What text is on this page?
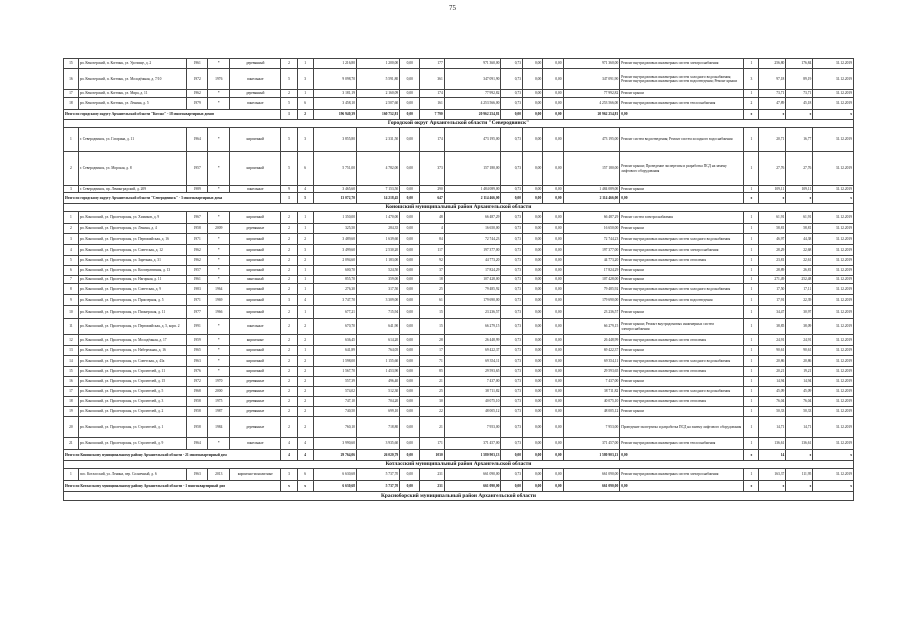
75
15	рп. Кенозерский, п. Когтинк, ул. Урочище, д. 2	1961	*	деревянный	2	1	1 216,80	1 200,00	0,00	177	971 360,00	0,73	0,00	0,00	971 360,00	Ремонт внутридомовых инженерных систем электроснабжения	1	256,80	176,84	31.12.2019
16	рп. Кенозерский, п. Когтинк, ул. Молодёжная, д. 7/10	1972	1976	панельные	5	3	9 098,70	5 591,80	0,00	361	347 091,90	0,73	0,00	0,00	347 091,90	Ремонт внутридомовых инженерных систем холодного водоснабжения; Ремонт внутридомовых инженерных систем водоотведения; Ремонт крыши	3	97,18	89,19	31.12.2019
17	рп. Кенозерский, п. Когтинк, ул. Мира, д. 11	1962	*	деревянный	2	1	3 181,19	2 160,09	0,00	174	77 992,82	0,73	0,00	0,00	77 992,82	Ремонт крыши	1	73,71	73,71	31.12.2019
18	рп. Кенозерский, п. Когтинк, ул. Ленина, д. 5	1979	*	панельные	5	6	3 458,10	2 507,60	0,00	161	4 253 566,00	0,73	0,00	0,00	4 253 566,00	Ремонт внутридомовых инженерных систем теплоснабжения	2	47,89	45,18	31.12.2019
Итого по городскому округу Архангельской области "Котлас" - 18 многоквартирных домов					1	2	196 940,39	160 752,81	0,00	7 790	20 962 254,81	0,00	0,00	0,00	20 962 254,81	0,00	х	х	х	х
Городской округ Архангельской области "Северодвинск"																				
1	г. Северодвинск, ул. Гагарина, д. 11	1964	*	кирпичный	5	3	3 855,80	2 331,50	0,00	174	473 195,00	0,73	0,00	0,00	473 195,00	Ремонт систем водоотведения; Ремонт систем холодного водоснабжения	1	20,71	16,77	31.12.2019
2	г. Северодвинск, ул. Морская, д. 8	1957	*	кирпичный	5	6	5 751,00	4 782,00	0,00	373	157 180,00	0,73	0,00	0,00	157 180,00	Ремонт крыши; Проведение экспертизы и разработка ПСД на замену лифтового оборудования	1	27,76	27,76	31.12.2019
3	г. Северодвинск, пр. Ленинградский, д. 209	1989	*	панельные	9	4	3 465,60	7 153,50	0,00	290	1 484 089,00	0,73	0,00	0,00	1 484 089,00	Ремонт крыши	1	109,11	109,11	31.12.2019
Итого по городскому округу Архангельской области "Северодвинск" - 3 многоквартирных дома					1	5	13 072,70	14 218,45	0,00	647	2 114 466,00	0,00	0,00	0,00	2 114 466,00	0,00	х	х	х	х
Коношский муниципальный район Архангельской области																				
1	рп. Коношский, ул. Пролетарская, ул. Химиков, д. 9	1967	*	кирпичный	2	1	1 350,00	1 470,00	0,00	48	66 487,29	0,73	0,00	0,00	66 487,29	Ремонт систем электроснабжения	1	61,91	61,91	31.12.2019
2	рп. Коношский, ул. Пролетарская, ул. Ленина, д. 4	1958	2009	деревянные	2	1	325,50	284,35	0,00	4	16 650,00	0,73	0,00	0,00	16 650,00	Ремонт крыши	1	58,81	58,81	31.12.2019
3	рп. Коношский, ул. Пролетарская, ул. Первомайская, д. 16	1971	*	кирпичный	2	2	3 489,60	1 639,60	0,00	84	72 744,23	0,73	0,00	0,00	72 744,23	Ремонт внутридомовых инженерных систем холодного водоснабжения	1	46,97	44,38	31.12.2019
4	рп. Коношский, ул. Пролетарская, ул. Советская, д. 12	1962	*	кирпичный	2	3	3 499,60	2 530,20	0,00	117	197 377,00	0,73	0,00	0,00	197 377,00	Ремонт внутридомовых инженерных систем электроснабжения	1	28,29	22,68	31.12.2019
5	рп. Коношский, ул. Пролетарская, ул. Заречная, д. 31	1962	*	кирпичный	2	2	2 094,60	1 183,00	0,00	92	44 773,20	0,73	0,00	0,00	44 773,20	Ремонт внутридомовых инженерных систем отопления	1	23,81	22,61	31.12.2019
6	рп. Коношский, ул. Пролетарская, ул. Кооперативная, д. 13	1957	*	кирпичный	2	1	600,70	524,50	0,00	37	17 824,29	0,73	0,00	0,00	17 824,29	Ремонт крыши	1	28,89	26,81	31.12.2019
7	рп. Коношский, ул. Пролетарская, ул. Нагорная, д. 11	1961	*	панельный	2	1	855,70	359,00	0,00	18	107 428,00	0,73	0,00	0,00	107 428,00	Ремонт крыши	1	271,49	252,48	31.12.2019
8	рп. Коношский, ул. Пролетарская, ул. Советская, д. 9	1983	1964	кирпичный	2	1	276,30	317,50	0,00	25	79 485,92	0,73	0,00	0,00	79 485,92	Ремонт внутридомовых инженерных систем холодного водоснабжения	1	17,50	17,11	31.12.2019
9	рп. Коношский, ул. Пролетарская, ул. Приозерная, д. 5	1971	1969	кирпичный	3	4	3 747,70	3 309,00	0,00	61	179 690,00	0,73	0,00	0,00	179 690,00	Ремонт внутридомовых инженерных систем водоотведения	1	17,91	22,39	31.12.2019
10	рп. Коношский, ул. Пролетарская, ул. Пионерская, д. 11	1977	1966	кирпичный	2	1	677,21	715,94	0,00	15	23 236,57	0,73	0,00	0,00	23 236,57	Ремонт крыши	1	34,47	30,97	31.12.2019
11	рп. Коношский, ул. Пролетарская, ул. Первомайская, д. 5, корп. 2	1991	*	панельные	2	2	670,70	641,90	0,00	15	66 279,15	0,73	0,00	0,00	66 279,15	Ремонт крыши; Ремонт внутридомовых инженерных систем электроснабжения	1	38,85	38,09	31.12.2019
12	рп. Коношский, ул. Пролетарская, ул. Молодёжная, д. 17	1959	*	кирпичные	2	2	636,45	614,20	0,00	28	26 448,99	0,73	0,00	0,00	26 448,99	Ремонт внутридомовых инженерных систем отопления	1	24,91	24,91	31.12.2019
13	рп. Коношский, ул. Пролетарская, ул. Набережная, д. 16	1965	*	кирпичный	2	1	641,89	764,05	0,00	17	69 422,37	0,73	0,00	0,00	69 422,37	Ремонт крыши	1	90,61	90,61	31.12.2019
14	рп. Коношский, ул. Пролетарская, ул. Советская, д. 43а	1963	*	кирпичный	2	2	1 598,00	1 155,60	0,00	71	69 354,11	0,73	0,00	0,00	69 354,11	Ремонт внутридомовых инженерных систем холодного водоснабжения	1	20,86	20,86	31.12.2019
15	рп. Коношский, ул. Пролетарская, ул. Строителей, д. 11	1976	*	кирпичный	2	2	1 567,70	1 453,90	0,00	85	29 593,65	0,73	0,00	0,00	29 593,65	Ремонт внутридомовых инженерных систем отопления	1	20,21	19,21	31.12.2019
16	рп. Коношский, ул. Пролетарская, ул. Строителей, д. 15	1972	1970	деревянные	2	2	557,39	496,40	0,00	21	7 437,00	0,73	0,00	0,00	7 437,00	Ремонт крыши	1	14,94	14,94	31.12.2019
17	рп. Коношский, ул. Пролетарская, ул. Строителей, д. 5	1968	2000	деревянные	2	2	574,02	512,30	0,00	25	38 711,82	0,73	0,00	0,00	38 711,82	Ремонт внутридомовых инженерных систем холодного водоснабжения	1	45,09	45,09	31.12.2019
18	рп. Коношский, ул. Пролетарская, ул. Строителей, д. 3	1958	1975	деревянные	2	2	747,10	704,20	0,00	30	40 075,10	0,73	0,00	0,00	40 075,10	Ремонт внутридомовых инженерных систем отопления	1	76,04	76,04	31.12.2019
19	рп. Коношский, ул. Пролетарская, ул. Строителей, д. 2	1958	1987	деревянные	2	2	740,50	699,10	0,00	22	48 005,12	0,73	0,00	0,00	48 005,12	Ремонт крыши	1	50,33	50,33	31.12.2019
20	рп. Коношский, ул. Пролетарская, ул. Строителей, д. 1	1958	1984	деревянные	2	2	760,10	718,80	0,00	21	7 953,00	0,73	0,00	0,00	7 953,00	Проведение экспертизы и разработка ПСД на замену лифтового оборудования	1	14,71	14,71	31.12.2019
21	рп. Коношский, ул. Пролетарская, ул. Строителей, д. 9	1964	*	панельные	4	4	3 990,60	3 935,60	0,00	171	371 457,00	0,73	0,00	0,00	371 457,00	Ремонт внутридомовых инженерных систем теплоснабжения	1	136,61	136,61	31.12.2019
Итого по Коношскому муниципальному району Архангельской области - 21 многоквартирный дом					4	4	29 764,06	26 020,79	0,00	1030	1 580 903,13	0,00	0,00	0,00	1 580 903,13	0,00	х	14	х	х
Котласский муниципальный район Архангельской области																				
1	пос. Котласский, ул. Ленина, пер. Солнечный, д. 6	1963	2013	кирпично-монолитные	3	6	6 630,68	5 737,70	0,00	231	661 090,00	0,73	0,00	0,00	661 090,00	Ремонт внутридомовых инженерных систем электроснабжения	1	163,37	111,95	31.12.2019
Итого по Котласскому муниципальному району Архангельской области - 1 многоквартирный дом					х	х	6 630,68	5 737,70	0,00	231	661 090,00	0,00	0,00	0,00	661 090,00	0,00	х	х	х	х
Красноборский муниципальный район Архангельской области																				
